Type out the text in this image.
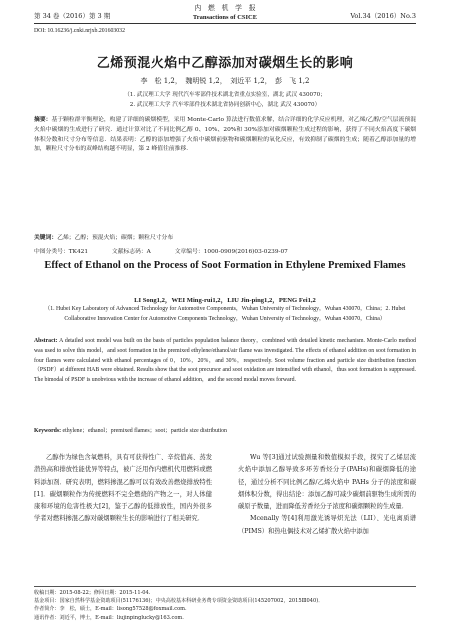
第 34 卷（2016）第 3 期
内　燃　机　学　报
Transactions of CSICE	Vol.34（2016）No.3
DOI: 10.16236/j.cnki.nrjxb.201603032
乙烯预混火焰中乙醇添加对碳烟生长的影响
李　松 1,2，　魏明锐 1,2，　刘近平 1,2，　彭　飞 1,2
（1. 武汉理工大学 现代汽车零部件技术湖北省重点实验室，湖北 武汉 430070；
2. 武汉理工大学 汽车零部件技术湖北省协同创新中心，湖北 武汉 430070）
摘要：基于颗粒群平衡理论，构建了详细的碳烟模型，采用 Monte-Carlo 算法进行数值求解，结合详细的化学反应机理，对乙烯/乙醇/空气层流预混火焰中碳烟的生成进行了研究．通过计算对比了不同比例乙醇 0、10%、20%和 30%添加对碳烟颗粒生成过程的影响，获得了不同火焰高度下碳烟体积分数和尺寸分布等信息．结果表明：乙醇的添加增强了火焰中碳烟前驱物和碳烟颗粒的氧化反应，有效抑制了碳烟的生成；随着乙醇添加量的增加，颗粒尺寸分布的双峰结构越不明显，第 2 峰值往前推移．
关键词：乙烯；乙醇；预混火焰；碳烟；颗粒尺寸分布
中图分类号：TK421	文献标志码：A	文章编号：1000-0909(2016)03-0239-07
Effect of Ethanol on the Process of Soot Formation in Ethylene Premixed Flames
LI Song1,2，WEI Ming-rui1,2，LIU Jin-ping1,2，PENG Fei1,2
（1. Hubei Key Laboratory of Advanced Technology for Automotive Components，Wuhan University of Technology，Wuhan 430070，China；2. Hubei Collaborative Innovation Center for Automotive Components Technology，Wuhan University of Technology，Wuhan 430070，China）
Abstract: A detailed soot model was built on the basis of particles population balance theory，combined with detailed kinetic mechanism. Monte-Carlo method was used to solve this model，and soot formation in the premixed ethylene/ethanol/air flame was investigated. The effects of ethanol addition on soot formation in four flames were calculated with ethanol percentages of 0，10%，20%，and 30%，respectively. Soot volume fraction and particle size distribution function（PSDF）at different HAB were obtained. Results show that the soot precursor and soot oxidation are intensified with ethanol，thus soot formation is suppressed. The bimodal of PSDF is unobvious with the increase of ethanol addition，and the second modal moves forward.
Keywords: ethylene；ethanol；premixed flames；soot；particle size distribution
乙醇作为绿色含氧燃料，具有可获得性广、辛烷值高、蒸发潜热高和排放性能优异等特点，被广泛用作内燃机代用燃料或燃料添加剂．研究表明，燃料掺混乙醇可以有效改善燃烧排放特性[1]．碳烟颗粒作为传统燃料不完全燃烧的产物之一，对人体健康和环境的危害性极大[2]，鉴于乙醇的低排放性，国内外很多学者对燃料掺混乙醇对碳烟颗粒生长的影响进行了相关研究．
Wu 等[3]通过试验测量和数值模拟手段，探究了乙烯层流火焰中添加乙醇导致多环芳香烃分子(PAHs)和碳烟降低的途径，通过分析不同比例乙醇/乙烯火焰中 PAHs 分子的浓度和碳烟体积分数，得出结论：添加乙醇可减少碳烟前驱物生成所需的碳原子数量，进而降低芳香烃分子浓度和碳烟颗粒的生成量．
Mcenally 等[4]利用激光诱导炽光法（LII）、光电离质谱（PIMS）和热电偶技术对乙烯扩散火焰中添加
收稿日期：2015-08-22；修回日期：2015-11-04.
基金项目：国家自然科学基金资助项目(51176136)；中央高校基本科研业务费专项资金资助项目(145207002，2015Ⅲ040)．
作者简介：李　松，硕士，E-mail：lisong57528@foxmail.com.
通讯作者：刘近平，博士，E-mail：liujinpinglucky@163.com.
